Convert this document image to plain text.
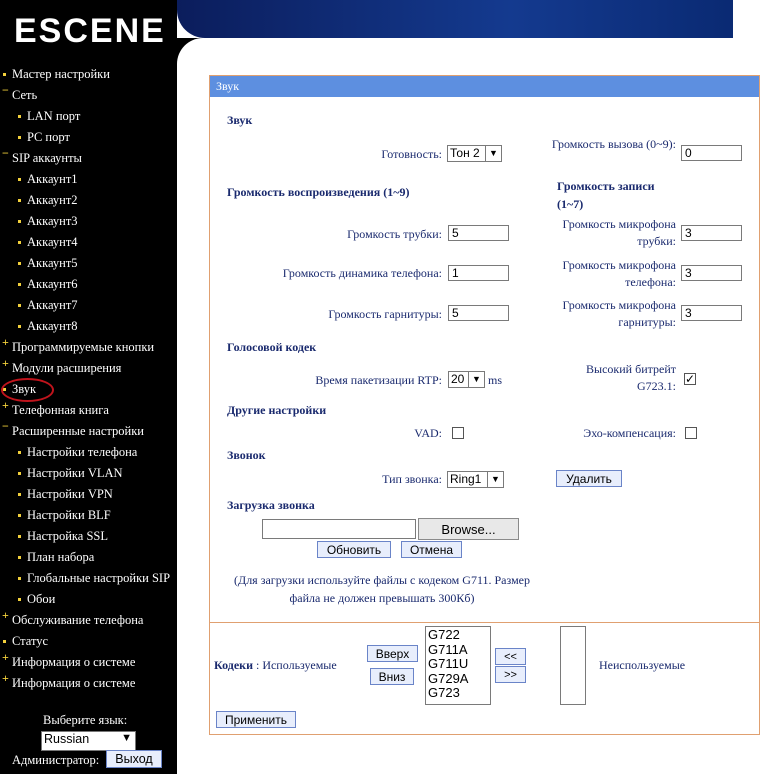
ESCENE
Мастер настройки
− Сеть
LAN порт
PC порт
− SIP аккаунты
Аккаунт1
Аккаунт2
Аккаунт3
Аккаунт4
Аккаунт5
Аккаунт6
Аккаунт7
Аккаунт8
+ Программируемые кнопки
+ Модули расширения
Звук
+ Телефонная книга
− Расширенные настройки
Настройки телефона
Настройки VLAN
Настройки VPN
Настройки BLF
Настройка SSL
План набора
Глобальные настройки SIP
Обои
+ Обслуживание телефона
Статус
+ Информация о системе
+ Информация о системе
Выберите язык:
Russian	▼
Администратор:	Выход
Звук
Звук
Готовность: Тон 2	▼
Громкость вызова (0~9):
0
Громкость воспроизведения (1~9)	Громкость записи (1~7)
Громкость трубки: 5
Громкость микрофона трубки:
3
Громкость динамика телефона: 1
Громкость микрофона телефона:
3
Громкость гарнитуры: 5
Громкость микрофона гарнитуры:
3
Голосовой кодек
Время пакетизации RTP: 20 ▼ ms
Высокий битрейт G723.1: ✓
Другие настройки
VAD:	Эхо-компенсация:
Звонок
Тип звонка: Ring1	▼	Удалить
Загрузка звонка
Browse...
Обновить	Отмена
(Для загрузки используйте файлы с кодеком G711. Размер файла не должен превышать 300Кб)
Кодеки : Используемые
Вверх
Вниз
G722
G711A
G711U
G729A
G723
<<
>>
Неиспользуемые
Применить
